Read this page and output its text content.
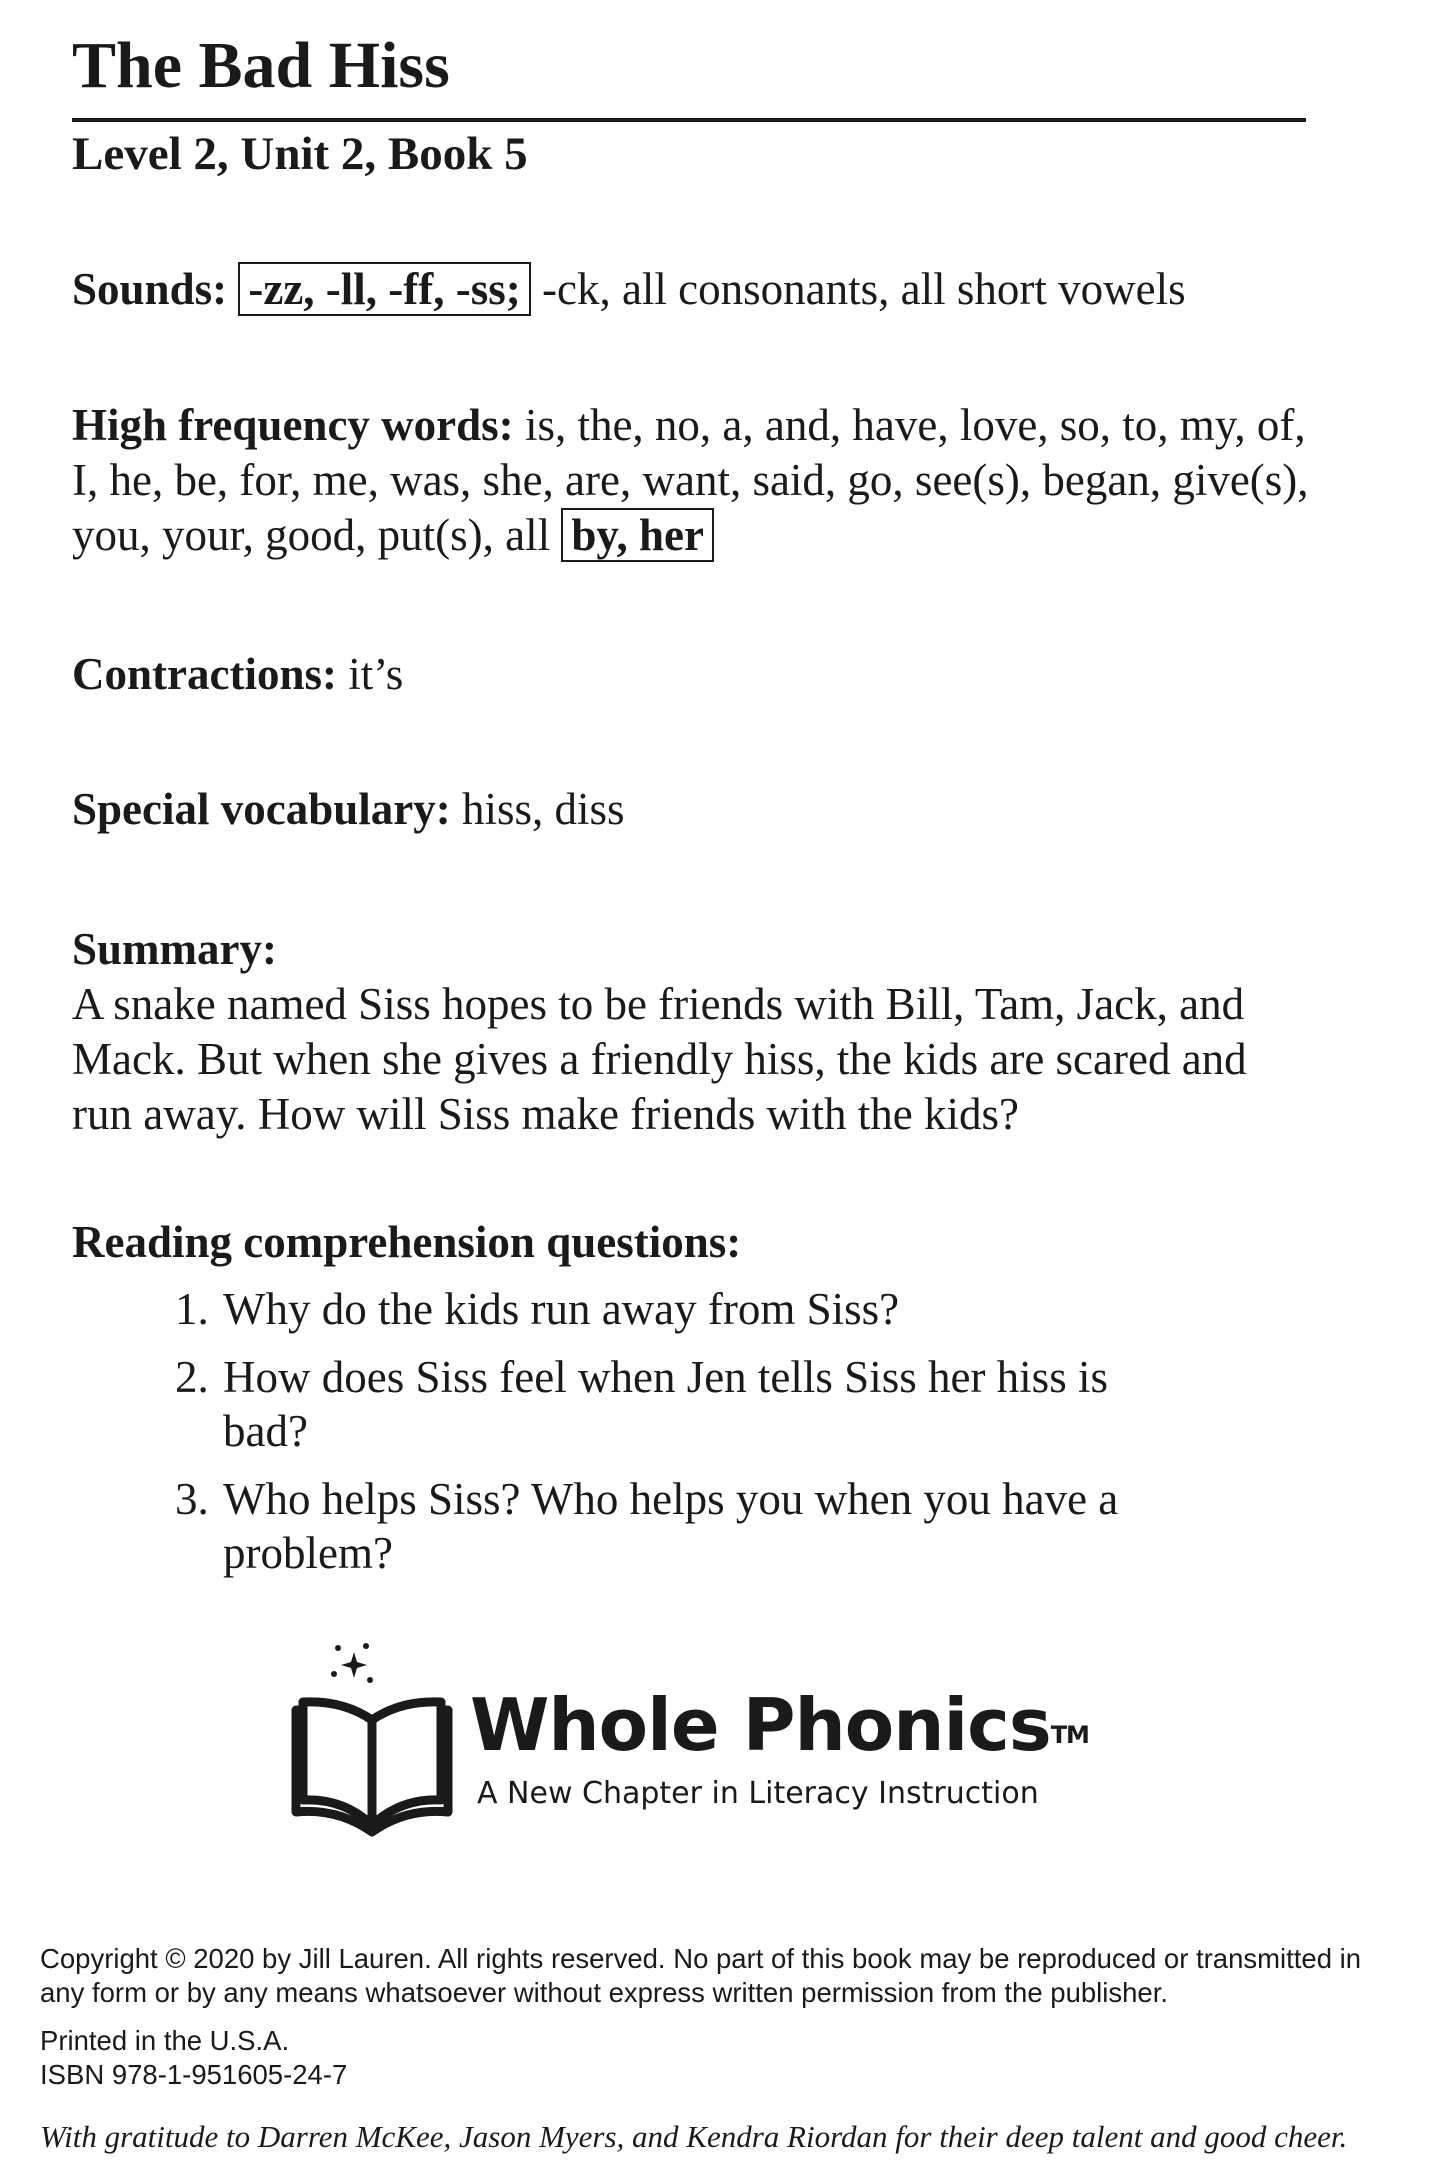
The Bad Hiss
Level 2, Unit 2, Book 5
Sounds: -zz, -ll, -ff, -ss; -ck, all consonants, all short vowels
High frequency words: is, the, no, a, and, have, love, so, to, my, of, I, he, be, for, me, was, she, are, want, said, go, see(s), began, give(s), you, your, good, put(s), all by, her
Contractions: it’s
Special vocabulary: hiss, diss
Summary:
A snake named Siss hopes to be friends with Bill, Tam, Jack, and Mack. But when she gives a friendly hiss, the kids are scared and run away. How will Siss make friends with the kids?
Reading comprehension questions:
1. Why do the kids run away from Siss?
2. How does Siss feel when Jen tells Siss her hiss is bad?
3. Who helps Siss? Who helps you when you have a problem?
Whole Phonics™
A New Chapter in Literacy Instruction
Copyright © 2020 by Jill Lauren. All rights reserved. No part of this book may be reproduced or transmitted in any form or by any means whatsoever without express written permission from the publisher.
Printed in the U.S.A.
ISBN 978-1-951605-24-7
With gratitude to Darren McKee, Jason Myers, and Kendra Riordan for their deep talent and good cheer.
